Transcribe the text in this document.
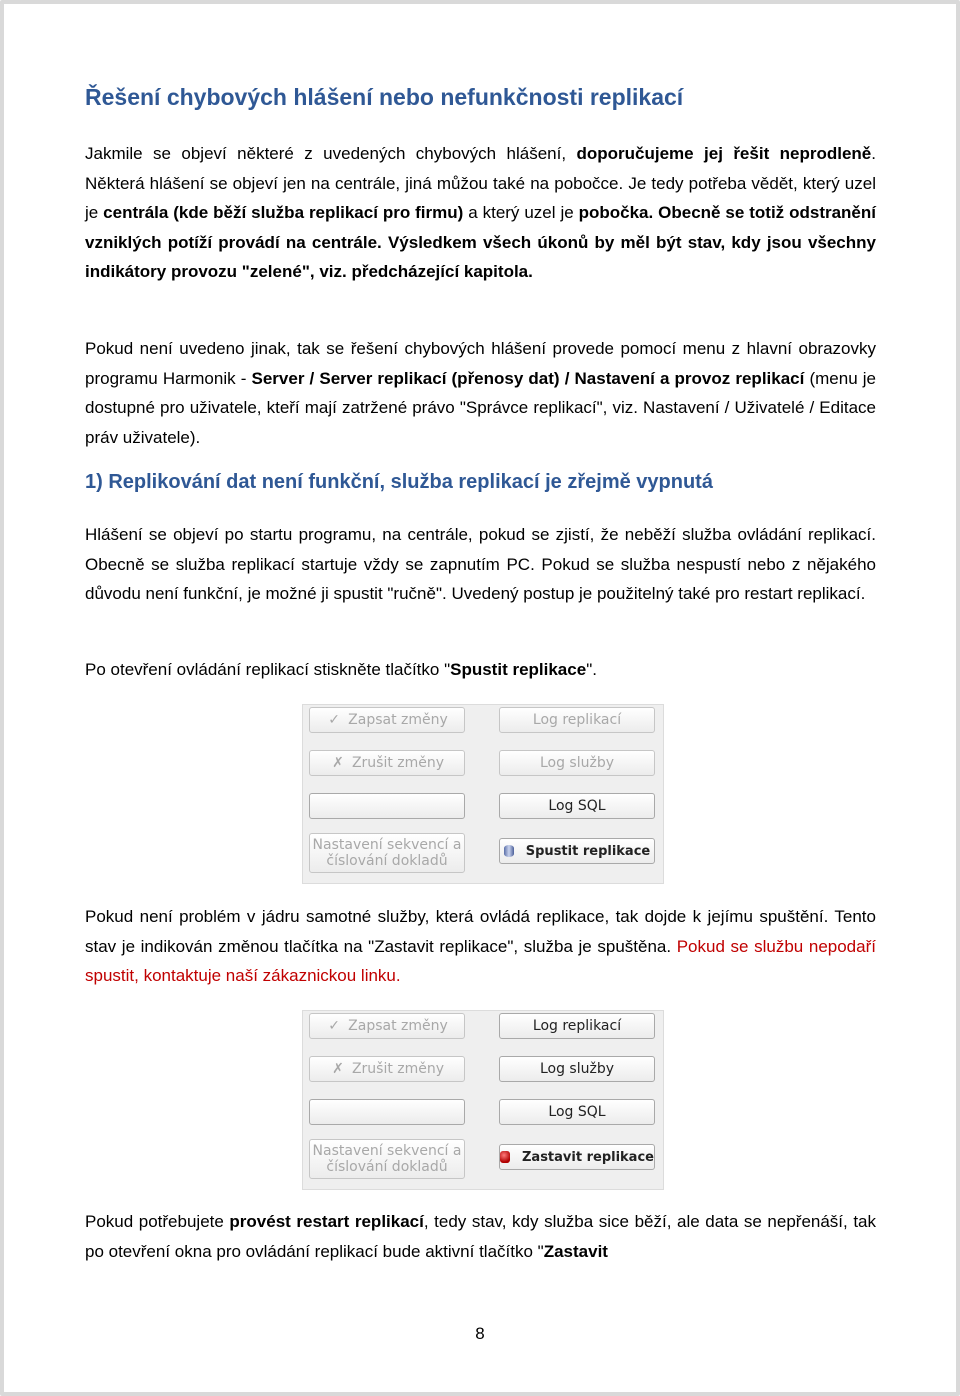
Řešení chybových hlášení nebo nefunkčnosti replikací

Jakmile se objeví některé z uvedených chybových hlášení, doporučujeme jej řešit neprodleně. Některá hlášení se objeví jen na centrále, jiná můžou také na pobočce. Je tedy potřeba vědět, který uzel je centrála (kde běží služba replikací pro firmu) a který uzel je pobočka. Obecně se totiž odstranění vzniklých potíží provádí na centrále. Výsledkem všech úkonů by měl být stav, kdy jsou všechny indikátory provozu "zelené", viz. předcházející kapitola.

Pokud není uvedeno jinak, tak se řešení chybových hlášení provede pomocí menu z hlavní obrazovky programu Harmonik - Server / Server replikací (přenosy dat) / Nastavení a provoz replikací (menu je dostupné pro uživatele, kteří mají zatržené právo "Správce replikací", viz. Nastavení / Uživatelé / Editace práv uživatele).

1) Replikování dat není funkční, služba replikací je zřejmě vypnutá

Hlášení se objeví po startu programu, na centrále, pokud se zjistí, že neběží služba ovládání replikací. Obecně se služba replikací startuje vždy se zapnutím PC. Pokud se služba nespustí nebo z nějakého důvodu není funkční, je možné ji spustit "ručně". Uvedený postup je použitelný také pro restart replikací.

Po otevření ovládání replikací stiskněte tlačítko "Spustit replikace".

✓ Zapsat změny
✗ Zrušit změny
Nastavení sekvencí a
číslování dokladů
Log replikací
Log služby
Log SQL
Spustit replikace

Pokud není problém v jádru samotné služby, která ovládá replikace, tak dojde k jejímu spuštění. Tento stav je indikován změnou tlačítka na "Zastavit replikace", služba je spuštěna. Pokud se službu nepodaří spustit, kontaktuje naší zákaznickou linku.

✓ Zapsat změny
✗ Zrušit změny
Nastavení sekvencí a
číslování dokladů
Log replikací
Log služby
Log SQL
Zastavit replikace

Pokud potřebujete provést restart replikací, tedy stav, kdy služba sice běží, ale data se nepřenáší, tak po otevření okna pro ovládání replikací bude aktivní tlačítko "Zastavit

8
